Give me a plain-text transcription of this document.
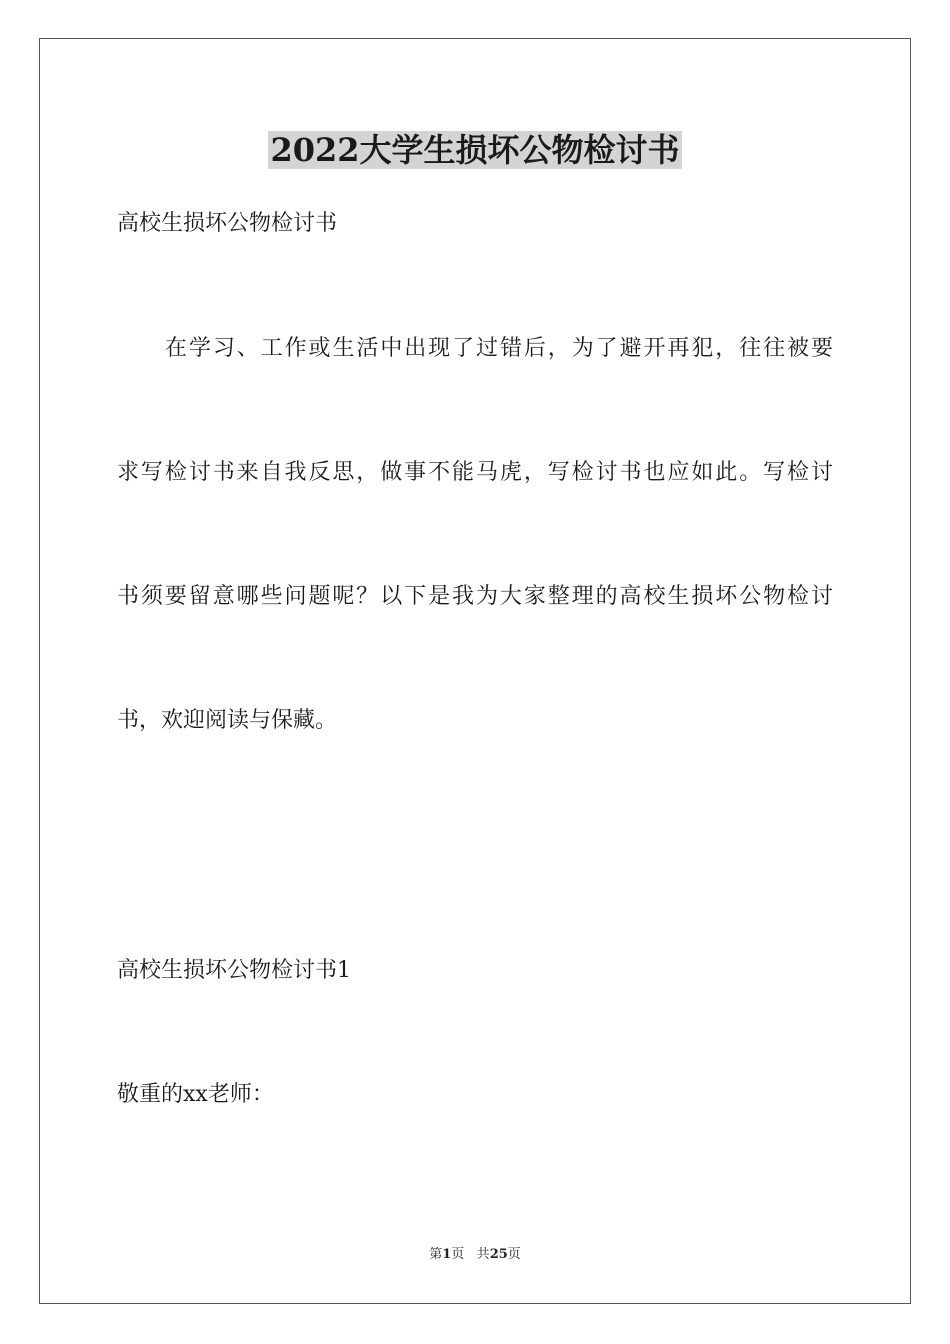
2022大学生损坏公物检讨书
高校生损坏公物检讨书
在学习、工作或生活中出现了过错后，为了避开再犯，往往被要
求写检讨书来自我反思，做事不能马虎，写检讨书也应如此。写检讨
书须要留意哪些问题呢？以下是我为大家整理的高校生损坏公物检讨
书，欢迎阅读与保藏。
高校生损坏公物检讨书1
敬重的xx老师：
第1页 共25页
